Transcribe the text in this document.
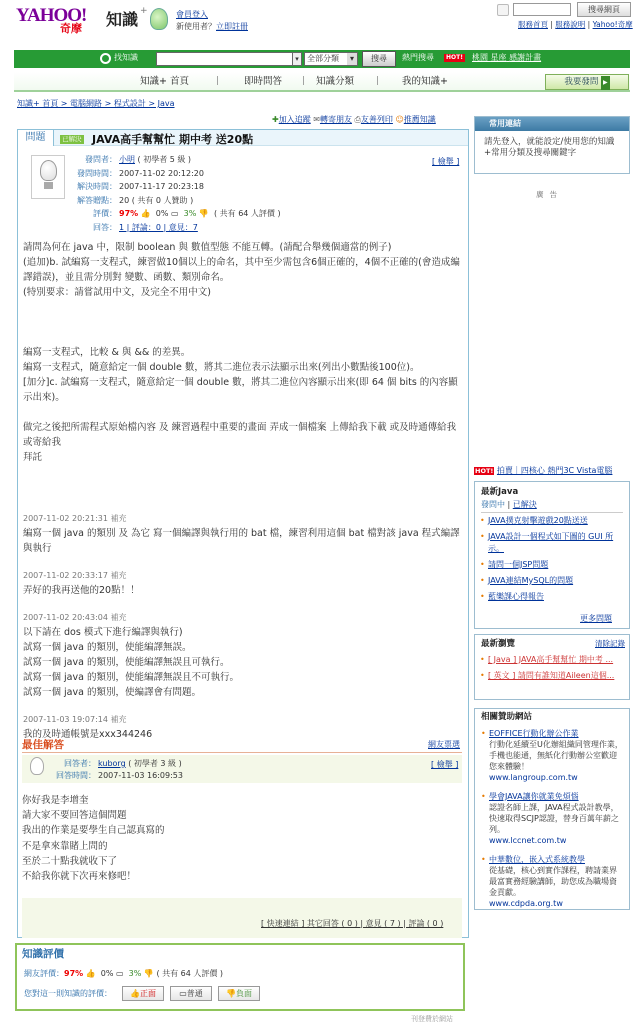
YAHOO!
奇摩 知識 +	會員登入
新使用者？立即註冊
搜尋網頁
服務首頁 | 服務說明 | Yahoo!奇摩
找知識	▾	全部分類	▾	搜尋	熱門搜尋	HOT! 桃園 星座 感謝計畫
知識+ 首頁	|	即時問答 | 知識分類 | 我的知識+	我要發問 ▶
知識+ 首頁 > 電腦網路 > 程式設計 > Java
✚加入追蹤 ✉轉寄朋友 ⎙友善列印 ☺推薦知識
問題	已解決 JAVA高手幫幫忙 期中考 送20點
[ 檢舉 ]
發問者： 小明 ( 初學者 5 級 )
發問時間： 2007-11-02 20:12:20
解決時間： 2007-11-17 20:23:18
解答贈點： 20 ( 共有 0 人贊助 )
評價： 97% 👍 0% ▭ 3% 👎 ( 共有 64 人評價 )
回答： 1 | 評論：0 | 意見：7

請問為何在 java 中，限制 boolean 與 數值型態 不能互轉。(請配合舉幾個適當的例子)

(追加)b. 試編寫一支程式，練習做10個以上的命名，其中至少需包含6個正確的，4個不正確的(會造成編譯錯誤)，並且需分別對 變數、函數、類別命名。

(特別要求：請嘗試用中文，及完全不用中文)

編寫一支程式，比較 & 與 && 的差異。

編寫一支程式，隨意給定一個 double 數，將其二進位表示法顯示出來(列出小數點後100位)。

[加分]c. 試編寫一支程式，隨意給定一個 double 數，將其二進位內容顯示出來(即 64 個 bits 的內容顯示出來)。

做完之後把所需程式原始檔內容 及 練習過程中重要的畫面 弄成一個檔案 上傳給我下載 或及時通傳給我 或寄給我

拜託

2007-11-02 20:21:31 補充
編寫一個 java 的類別 及 為它 寫一個編譯與執行用的 bat 檔，練習利用這個 bat 檔對該 java 程式編譯與執行
2007-11-02 20:33:17 補充
弄好的我再送他的20點！！
2007-11-02 20:43:04 補充
以下請在 dos 模式下進行編譯與執行)
試寫一個 java 的類別，使能編譯無誤。
試寫一個 java 的類別，使能編譯無誤且可執行。
試寫一個 java 的類別，使能編譯無誤且不可執行。
試寫一個 java 的類別，使編譯會有問題。
2007-11-03 19:07:14 補充
我的及時通帳號是xxx344246
最佳解答	網友票選
回答者： kuborg ( 初學者 3 級 )
回答時間： 2007-11-03 16:09:53
[ 檢舉 ]
你好我是李增奎
請大家不要回答這個問題
我出的作業是要學生自己認真寫的
不是拿來靠賭上問的
至於二十點我就收下了
不給我你就下次再來修吧！
[ 快速連結 ] 其它回答 ( 0 ) | 意見 ( 7 ) | 評論 ( 0 )
知識評價
網友評價：97% 👍 0% ▭ 3% 👎 ( 共有 64 人評價 )
您對這一則知識的評價：	👍正面	▭普通	👎負面
刊登費於網站
常用連結
請先登入，就能設定/使用您的知識+常用分類及搜尋關鍵字
廣告
HOT! 拍賣｜四核心 熱門3C Vista電腦
最新Java
發問中 | 已解決
• JAVA撲克射擊遊戲20點送送
• JAVA設計一個程式如下圖的 GUI 所示。
• 請問一個JSP問題
• JAVA連結MySQL的問題
• 藍樂課心得報告
更多問題
最新瀏覽
• [ Java ] JAVA高手幫幫忙 期中考 ...
• [ 英文 ] 請問有誰知道Aileen這個...
清除記錄
相關贊助網站
• EOFFICE行動化辦公作業
行動化延續至U化辦組織同管理作業，手機也能通，無紙化行動辦公室歡迎您來體驗！
www.langroup.com.tw
• 學會JAVA讓你就業免煩惱
認證名師上課，JAVA程式設計教學，快速取得SCJP認證，替身百萬年薪之列。
www.lccnet.com.tw
• 中華數位，嵌入式系統教學
從基礎，核心到實作課程，聘請業界最富實務經驗講師，助您成為職場資金貢獻。
www.cdpda.org.tw
